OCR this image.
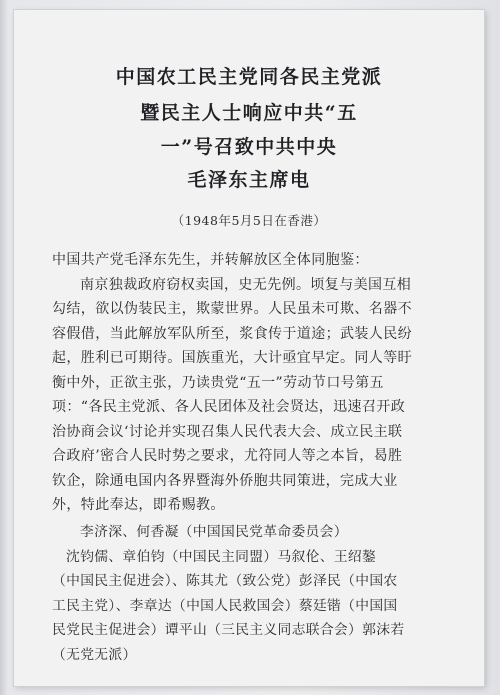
中国农工民主党同各民主党派
暨民主人士响应中共“五
一”号召致中共中央
毛泽东主席电
（1948年5月5日在香港）
中国共产党毛泽东先生，并转解放区全体同胞鉴：
南京独裁政府窃权卖国，史无先例。顷复与美国互相
勾结，欲以伪装民主，欺蒙世界。人民虽未可欺、名器不
容假借，当此解放军队所至，浆食传于道途；武装人民纷
起，胜利已可期待。国族重光，大计亟宜早定。同人等盱
衡中外，正欲主张，乃读贵党“五一”劳动节口号第五
项：“各民主党派、各人民团体及社会贤达，迅速召开政
治协商会议‘讨论并实现召集人民代表大会、成立民主联
合政府’密合人民时势之要求，尤符同人等之本旨，曷胜
钦企，除通电国内各界暨海外侨胞共同策进，完成大业
外，特此奉达，即希赐教。
李济深、何香凝（中国国民党革命委员会）
沈钧儒、章伯钧（中国民主同盟）马叙伦、王绍鏊
（中国民主促进会）、陈其尤（致公党）彭泽民（中国农
工民主党）、李章达（中国人民救国会）蔡廷锴（中国国
民党民主促进会）谭平山（三民主义同志联合会）郭沫若
（无党无派）
